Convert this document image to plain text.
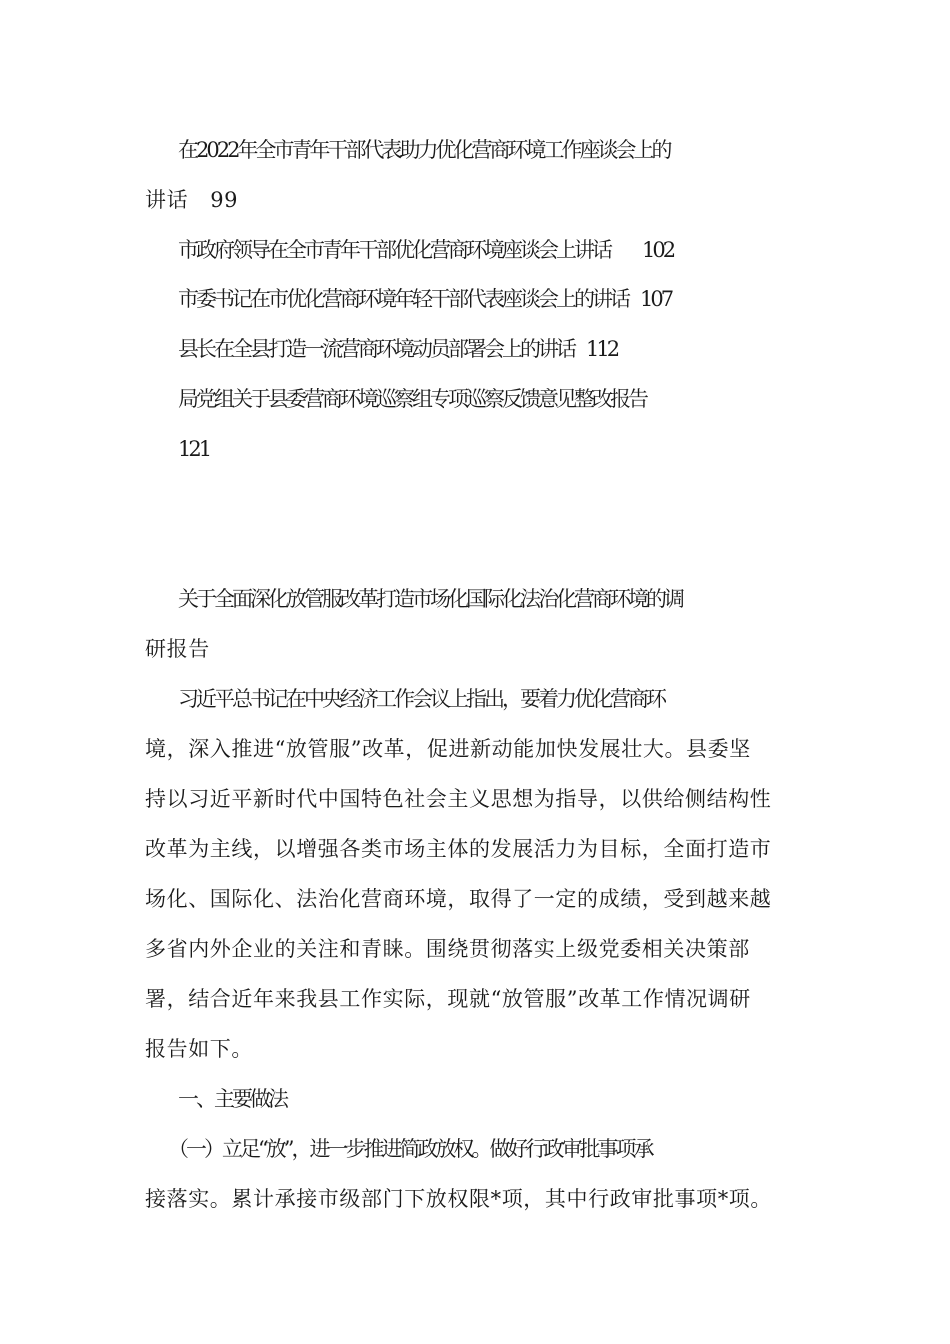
在2022年全市青年干部代表助力优化营商环境工作座谈会上的
讲话 99
市政府领导在全市青年干部优化营商环境座谈会上讲话 102
市委书记在市优化营商环境年轻干部代表座谈会上的讲话 107
县长在全县打造一流营商环境动员部署会上的讲话 112
局党组关于县委营商环境巡察组专项巡察反馈意见整改报告
121
关于全面深化放管服改革打造市场化国际化法治化营商环境的调
研报告
习近平总书记在中央经济工作会议上指出，要着力优化营商环
境，深入推进“放管服”改革，促进新动能加快发展壮大。县委坚
持以习近平新时代中国特色社会主义思想为指导，以供给侧结构性
改革为主线，以增强各类市场主体的发展活力为目标，全面打造市
场化、国际化、法治化营商环境，取得了一定的成绩，受到越来越
多省内外企业的关注和青睐。围绕贯彻落实上级党委相关决策部
署，结合近年来我县工作实际，现就“放管服”改革工作情况调研
报告如下。
一、主要做法
（一）立足“放”，进一步推进简政放权。做好行政审批事项承
接落实。累计承接市级部门下放权限*项，其中行政审批事项*项。
